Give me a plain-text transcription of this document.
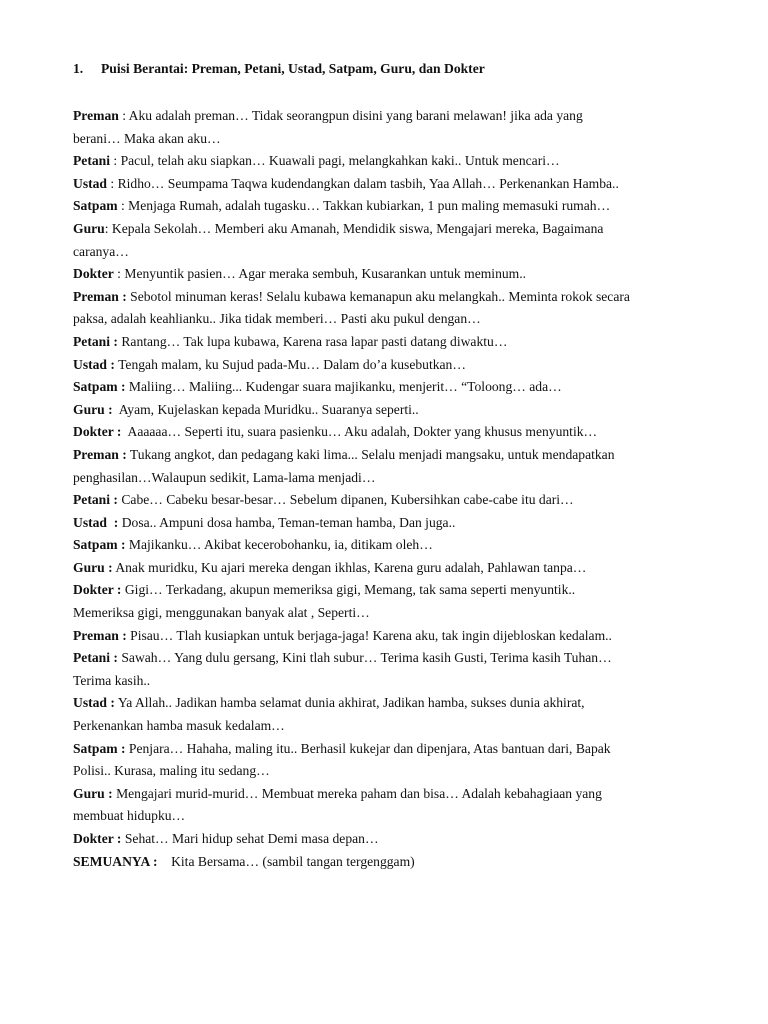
1. Puisi Berantai: Preman, Petani, Ustad, Satpam, Guru, dan Dokter
Preman : Aku adalah preman… Tidak seorangpun disini yang barani melawan! jika ada yang
berani… Maka akan aku…
Petani : Pacul, telah aku siapkan… Kuawali pagi, melangkahkan kaki.. Untuk mencari…
Ustad : Ridho… Seumpama Taqwa kudendangkan dalam tasbih, Yaa Allah… Perkenankan Hamba..
Satpam : Menjaga Rumah, adalah tugasku… Takkan kubiarkan, 1 pun maling memasuki rumah…
Guru: Kepala Sekolah… Memberi aku Amanah, Mendidik siswa, Mengajari mereka, Bagaimana
caranya…
Dokter : Menyuntik pasien… Agar meraka sembuh, Kusarankan untuk meminum..
Preman : Sebotol minuman keras! Selalu kubawa kemanapun aku melangkah.. Meminta rokok secara
paksa, adalah keahlianku.. Jika tidak memberi… Pasti aku pukul dengan…
Petani : Rantang… Tak lupa kubawa, Karena rasa lapar pasti datang diwaktu…
Ustad : Tengah malam, ku Sujud pada-Mu… Dalam do’a kusebutkan…
Satpam : Maliing… Maliing... Kudengar suara majikanku, menjerit… “Toloong… ada…
Guru : Ayam, Kujelaskan kepada Muridku.. Suaranya seperti..
Dokter : Aaaaaa… Seperti itu, suara pasienku… Aku adalah, Dokter yang khusus menyuntik…
Preman : Tukang angkot, dan pedagang kaki lima... Selalu menjadi mangsaku, untuk mendapatkan
penghasilan…Walaupun sedikit, Lama-lama menjadi…
Petani : Cabe… Cabeku besar-besar… Sebelum dipanen, Kubersihkan cabe-cabe itu dari…
Ustad  : Dosa.. Ampuni dosa hamba, Teman-teman hamba, Dan juga..
Satpam : Majikanku… Akibat kecerobohanku, ia, ditikam oleh…
Guru : Anak muridku, Ku ajari mereka dengan ikhlas, Karena guru adalah, Pahlawan tanpa…
Dokter : Gigi… Terkadang, akupun memeriksa gigi, Memang, tak sama seperti menyuntik..
Memeriksa gigi, menggunakan banyak alat , Seperti…
Preman : Pisau… Tlah kusiapkan untuk berjaga-jaga! Karena aku, tak ingin dijebloskan kedalam..
Petani : Sawah… Yang dulu gersang, Kini tlah subur… Terima kasih Gusti, Terima kasih Tuhan…
Terima kasih..
Ustad : Ya Allah.. Jadikan hamba selamat dunia akhirat, Jadikan hamba, sukses dunia akhirat,
Perkenankan hamba masuk kedalam…
Satpam : Penjara… Hahaha, maling itu.. Berhasil kukejar dan dipenjara, Atas bantuan dari, Bapak
Polisi.. Kurasa, maling itu sedang…
Guru : Mengajari murid-murid… Membuat mereka paham dan bisa… Adalah kebahagiaan yang
membuat hidupku…
Dokter : Sehat… Mari hidup sehat Demi masa depan…
SEMUANYA : Kita Bersama… (sambil tangan tergenggam)
